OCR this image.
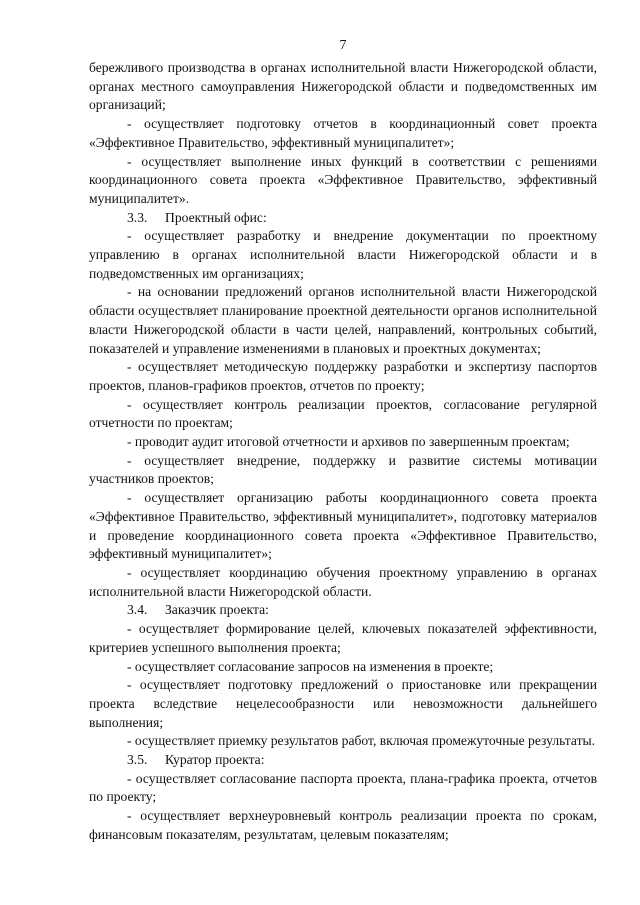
7

бережливого производства в органах исполнительной власти Нижегородской области, органах местного самоуправления Нижегородской области и подведомственных им организаций;

- осуществляет подготовку отчетов в координационный совет проекта «Эффективное Правительство, эффективный муниципалитет»;

- осуществляет выполнение иных функций в соответствии с решениями координационного совета проекта «Эффективное Правительство, эффективный муниципалитет».

3.3. Проектный офис:

- осуществляет разработку и внедрение документации по проектному управлению в органах исполнительной власти Нижегородской области и в подведомственных им организациях;

- на основании предложений органов исполнительной власти Нижегородской области осуществляет планирование проектной деятельности органов исполнительной власти Нижегородской области в части целей, направлений, контрольных событий, показателей и управление изменениями в плановых и проектных документах;

- осуществляет методическую поддержку разработки и экспертизу паспортов проектов, планов-графиков проектов, отчетов по проекту;

- осуществляет контроль реализации проектов, согласование регулярной отчетности по проектам;

- проводит аудит итоговой отчетности и архивов по завершенным проектам;

- осуществляет внедрение, поддержку и развитие системы мотивации участников проектов;

- осуществляет организацию работы координационного совета проекта «Эффективное Правительство, эффективный муниципалитет», подготовку материалов и проведение координационного совета проекта «Эффективное Правительство, эффективный муниципалитет»;

- осуществляет координацию обучения проектному управлению в органах исполнительной власти Нижегородской области.

3.4. Заказчик проекта:

- осуществляет формирование целей, ключевых показателей эффективности, критериев успешного выполнения проекта;

- осуществляет согласование запросов на изменения в проекте;

- осуществляет подготовку предложений о приостановке или прекращении проекта вследствие нецелесообразности или невозможности дальнейшего выполнения;

- осуществляет приемку результатов работ, включая промежуточные результаты.

3.5. Куратор проекта:

- осуществляет согласование паспорта проекта, плана-графика проекта, отчетов по проекту;

- осуществляет верхнеуровневый контроль реализации проекта по срокам, финансовым показателям, результатам, целевым показателям;
